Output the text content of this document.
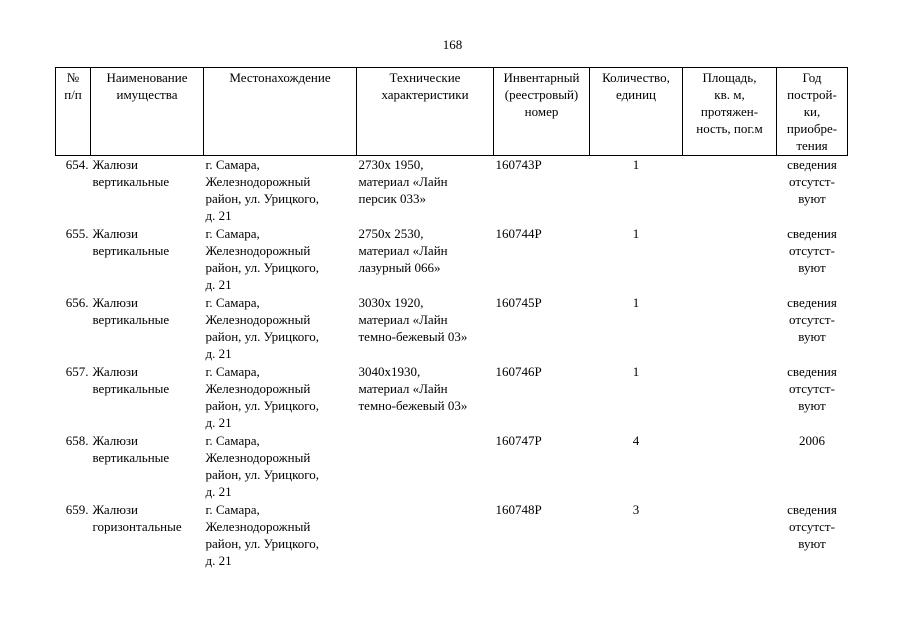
168
№
п/п	Наименование
имущества	Местонахождение	Технические
характеристики	Инвентарный
(реестровый)
номер	Количество,
единиц	Площадь,
кв. м,
протяжен-
ность, пог.м	Год
построй-
ки,
приобре-
тения

654.	Жалюзи
вертикальные	г. Самара,
Железнодорожный
район, ул. Урицкого,
д. 21	2730х 1950,
материал «Лайн
персик 033»	160743Р	1		сведения
отсутст-
вуют

655.	Жалюзи
вертикальные	г. Самара,
Железнодорожный
район, ул. Урицкого,
д. 21	2750х 2530,
материал «Лайн
лазурный 066»	160744Р	1		сведения
отсутст-
вуют

656.	Жалюзи
вертикальные	г. Самара,
Железнодорожный
район, ул. Урицкого,
д. 21	3030х 1920,
материал «Лайн
темно-бежевый 03»	160745Р	1		сведения
отсутст-
вуют

657.	Жалюзи
вертикальные	г. Самара,
Железнодорожный
район, ул. Урицкого,
д. 21	3040х1930,
материал «Лайн
темно-бежевый 03»	160746Р	1		сведения
отсутст-
вуют

658.	Жалюзи
вертикальные	г. Самара,
Железнодорожный
район, ул. Урицкого,
д. 21		160747Р	4		2006

659.	Жалюзи
горизонтальные	г. Самара,
Железнодорожный
район, ул. Урицкого,
д. 21		160748Р	3		сведения
отсутст-
вуют
